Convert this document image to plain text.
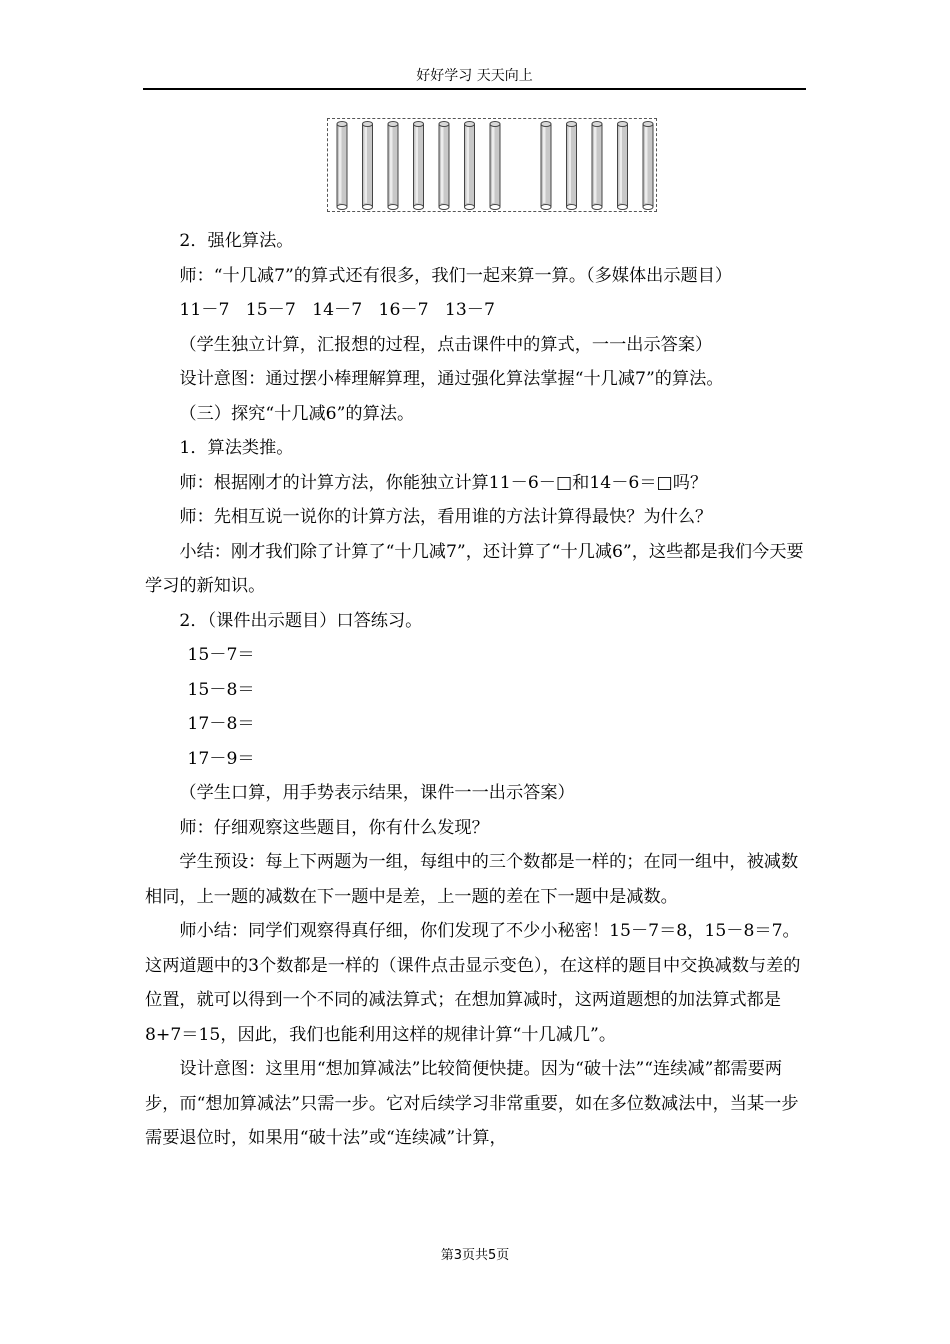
好好学习 天天向上

2．强化算法。

师：“十几减7”的算式还有很多，我们一起来算一算。（多媒体出示题目）

11－7   15－7   14－7   16－7   13－7

（学生独立计算，汇报想的过程，点击课件中的算式，一一出示答案）

设计意图：通过摆小棒理解算理，通过强化算法掌握“十几减7”的算法。

（三）探究“十几减6”的算法。

1．算法类推。

师：根据刚才的计算方法，你能独立计算11－6－□和14－6＝□吗？

师：先相互说一说你的计算方法，看用谁的方法计算得最快？为什么？

小结：刚才我们除了计算了“十几减7”，还计算了“十几减6”，这些都是我们今天要学习的新知识。

2．（课件出示题目）口答练习。

15－7＝

15－8＝

17－8＝

17－9＝

（学生口算，用手势表示结果，课件一一出示答案）

师：仔细观察这些题目，你有什么发现？

学生预设：每上下两题为一组，每组中的三个数都是一样的；在同一组中，被减数相同，上一题的减数在下一题中是差，上一题的差在下一题中是减数。

师小结：同学们观察得真仔细，你们发现了不少小秘密！15－7＝8，15－8＝7。这两道题中的3个数都是一样的（课件点击显示变色），在这样的题目中交换减数与差的位置，就可以得到一个不同的减法算式；在想加算减时，这两道题想的加法算式都是8+7＝15，因此，我们也能利用这样的规律计算“十几减几”。

设计意图：这里用“想加算减法”比较简便快捷。因为“破十法”“连续减”都需要两步，而“想加算减法”只需一步。它对后续学习非常重要，如在多位数减法中，当某一步需要退位时，如果用“破十法”或“连续减”计算，

第3页共5页
